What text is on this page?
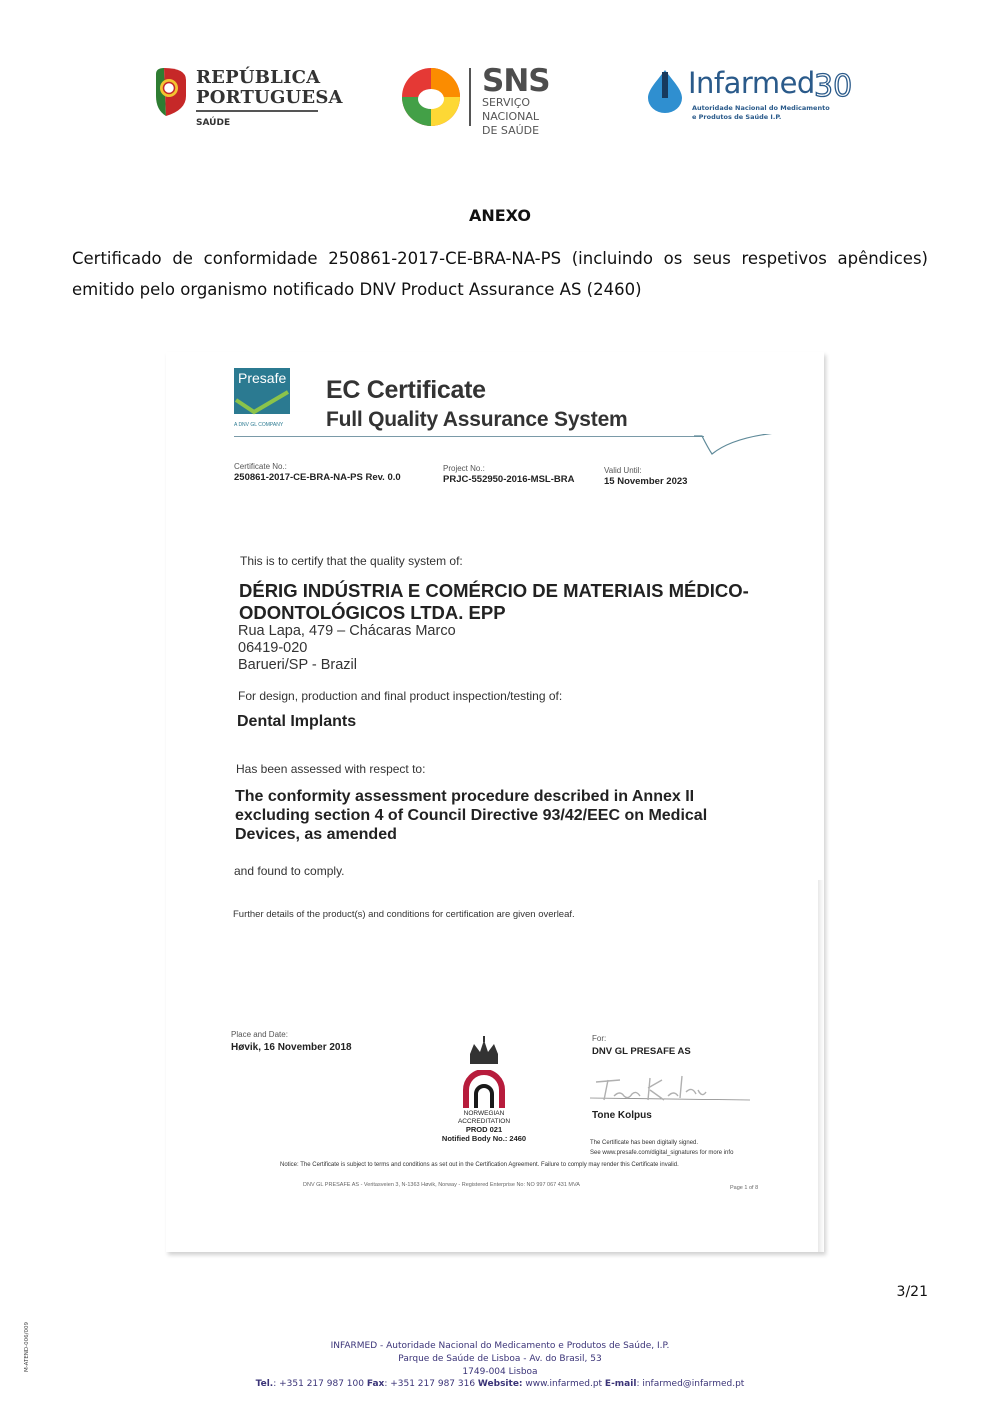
REPÚBLICA
PORTUGUESA
SAÚDE
SNS
SERVIÇO NACIONAL
DE SAÚDE
Infarmed 30
Autoridade Nacional do Medicamento
e Produtos de Saúde I.P.
ANEXO
Certificado de conformidade 250861-2017-CE-BRA-NA-PS (incluindo os seus respetivos apêndices)
emitido pelo organismo notificado DNV Product Assurance AS (2460)
Presafe
A DNV GL COMPANY
EC Certificate
Full Quality Assurance System
Certificate No.:
250861-2017-CE-BRA-NA-PS Rev. 0.0
Project No.:
PRJC-552950-2016-MSL-BRA
Valid Until:
15 November 2023
This is to certify that the quality system of:
DÉRIG INDÚSTRIA E COMÉRCIO DE MATERIAIS MÉDICO-
ODONTOLÓGICOS LTDA. EPP
Rua Lapa, 479 – Chácaras Marco
06419-020
Barueri/SP - Brazil
For design, production and final product inspection/testing of:
Dental Implants
Has been assessed with respect to:
The conformity assessment procedure described in Annex II
excluding section 4 of Council Directive 93/42/EEC on Medical
Devices, as amended
and found to comply.
Further details of the product(s) and conditions for certification are given overleaf.
Place and Date:
Høvik, 16 November 2018
NORWEGIAN
ACCREDITATION
PROD 021
Notified Body No.: 2460
For:
DNV GL PRESAFE AS
Tone Kolpus
The Certificate has been digitally signed.
See www.presafe.com/digital_signatures for more info
Notice: The Certificate is subject to terms and conditions as set out in the Certification Agreement. Failure to comply may render this Certificate invalid.
DNV GL PRESAFE AS - Veritasveien 3, N-1363 Høvik, Norway - Registered Enterprise No: NO 997 067 431 MVA	Page 1 of 8
3/21
M-ATEND-006/009	INFARMED - Autoridade Nacional do Medicamento e Produtos de Saúde, I.P.
Parque de Saúde de Lisboa - Av. do Brasil, 53
1749-004 Lisboa
Tel.: +351 217 987 100 Fax: +351 217 987 316 Website: www.infarmed.pt E-mail: infarmed@infarmed.pt
